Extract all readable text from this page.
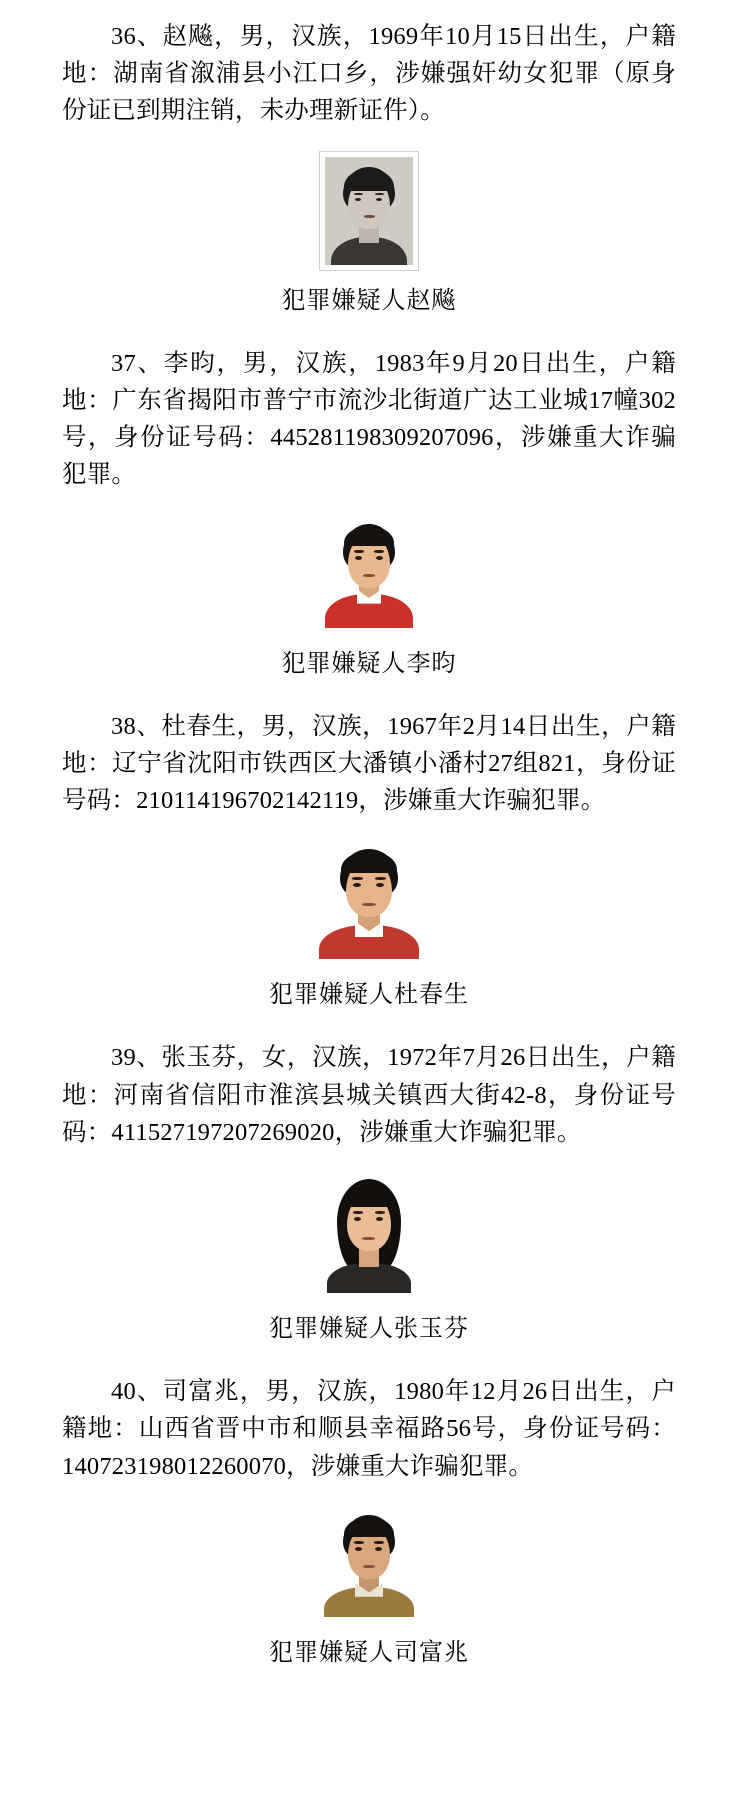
36、赵飚，男，汉族，1969年10月15日出生，户籍地：湖南省溆浦县小江口乡，涉嫌强奸幼女犯罪（原身份证已到期注销，未办理新证件）。

犯罪嫌疑人赵飚

37、李昀，男，汉族，1983年9月20日出生，户籍地：广东省揭阳市普宁市流沙北街道广达工业城17幢302号，身份证号码：445281198309207096，涉嫌重大诈骗犯罪。

犯罪嫌疑人李昀

38、杜春生，男，汉族，1967年2月14日出生，户籍地：辽宁省沈阳市铁西区大潘镇小潘村27组821，身份证号码：210114196702142119，涉嫌重大诈骗犯罪。

犯罪嫌疑人杜春生

39、张玉芬，女，汉族，1972年7月26日出生，户籍地：河南省信阳市淮滨县城关镇西大街42-8，身份证号码：411527197207269020，涉嫌重大诈骗犯罪。

犯罪嫌疑人张玉芬

40、司富兆，男，汉族，1980年12月26日出生，户籍地：山西省晋中市和顺县幸福路56号，身份证号码：140723198012260070，涉嫌重大诈骗犯罪。

犯罪嫌疑人司富兆
